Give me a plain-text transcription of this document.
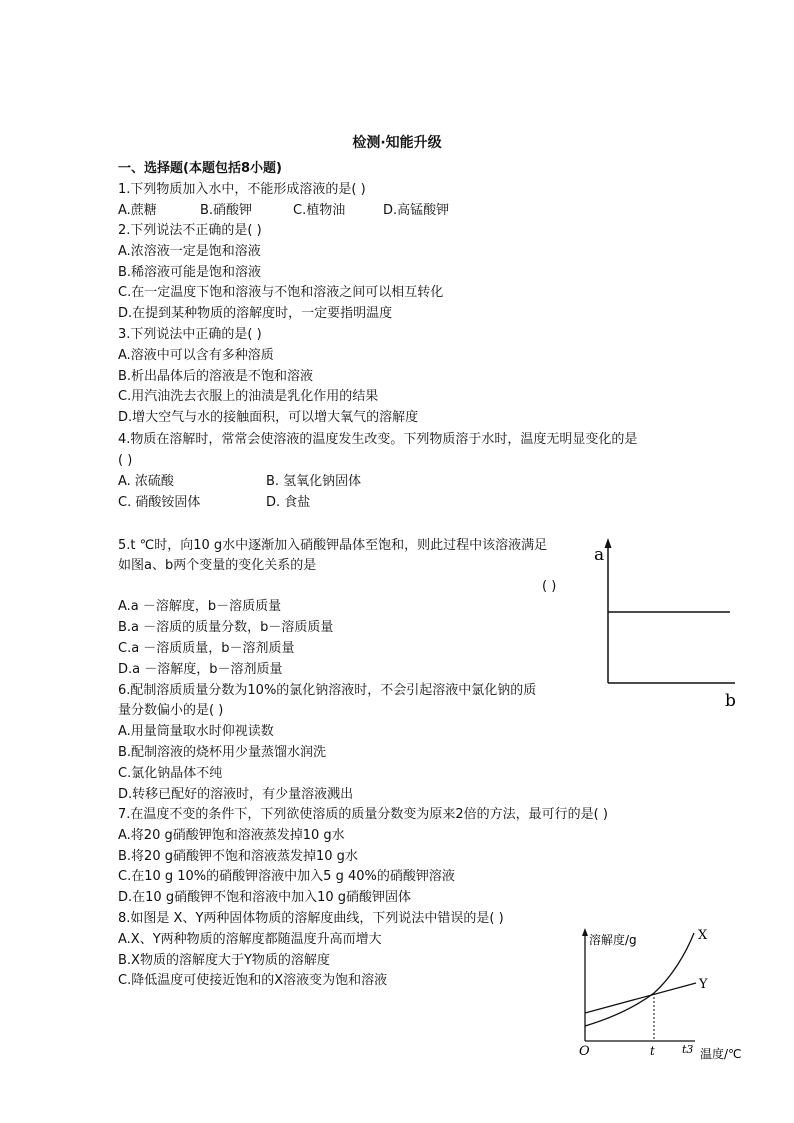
检测·知能升级
一、选择题(本题包括8小题)
1.下列物质加入水中，不能形成溶液的是( )
A.蔗糖	B.硝酸钾	C.植物油	D.高锰酸钾
2.下列说法不正确的是( )
A.浓溶液一定是饱和溶液
B.稀溶液可能是饱和溶液
C.在一定温度下饱和溶液与不饱和溶液之间可以相互转化
D.在提到某种物质的溶解度时，一定要指明温度
3.下列说法中正确的是( )
A.溶液中可以含有多种溶质
B.析出晶体后的溶液是不饱和溶液
C.用汽油洗去衣服上的油渍是乳化作用的结果
D.增大空气与水的接触面积，可以增大氧气的溶解度
4.物质在溶解时，常常会使溶液的温度发生改变。下列物质溶于水时，温度无明显变化的是
( )
A. 浓硫酸	B. 氢氧化钠固体
C. 硝酸铵固体	D. 食盐
5.t ℃时，向10 g水中逐渐加入硝酸钾晶体至饱和，则此过程中该溶液满足
如图a、b两个变量的变化关系的是
( )
A.a －溶解度，b－溶质质量
B.a －溶质的质量分数，b－溶质质量
C.a －溶质质量，b－溶剂质量
D.a －溶解度，b－溶剂质量
a
b
6.配制溶质质量分数为10%的氯化钠溶液时，不会引起溶液中氯化钠的质
量分数偏小的是( )
A.用量筒量取水时仰视读数
B.配制溶液的烧杯用少量蒸馏水润洗
C.氯化钠晶体不纯
D.转移已配好的溶液时，有少量溶液溅出
7.在温度不变的条件下，下列欲使溶质的质量分数变为原来2倍的方法，最可行的是( )
A.将20 g硝酸钾饱和溶液蒸发掉10 g水
B.将20 g硝酸钾不饱和溶液蒸发掉10 g水
C.在10 g 10%的硝酸钾溶液中加入5 g 40%的硝酸钾溶液
D.在10 g硝酸钾不饱和溶液中加入10 g硝酸钾固体
8.如图是 X、Y两种固体物质的溶解度曲线，下列说法中错误的是( )
A.X、Y两种物质的溶解度都随温度升高而增大
B.X物质的溶解度大于Y物质的溶解度
C.降低温度可使接近饱和的X溶液变为饱和溶液
溶解度/g	X
Y
O	t t3 温度/℃
